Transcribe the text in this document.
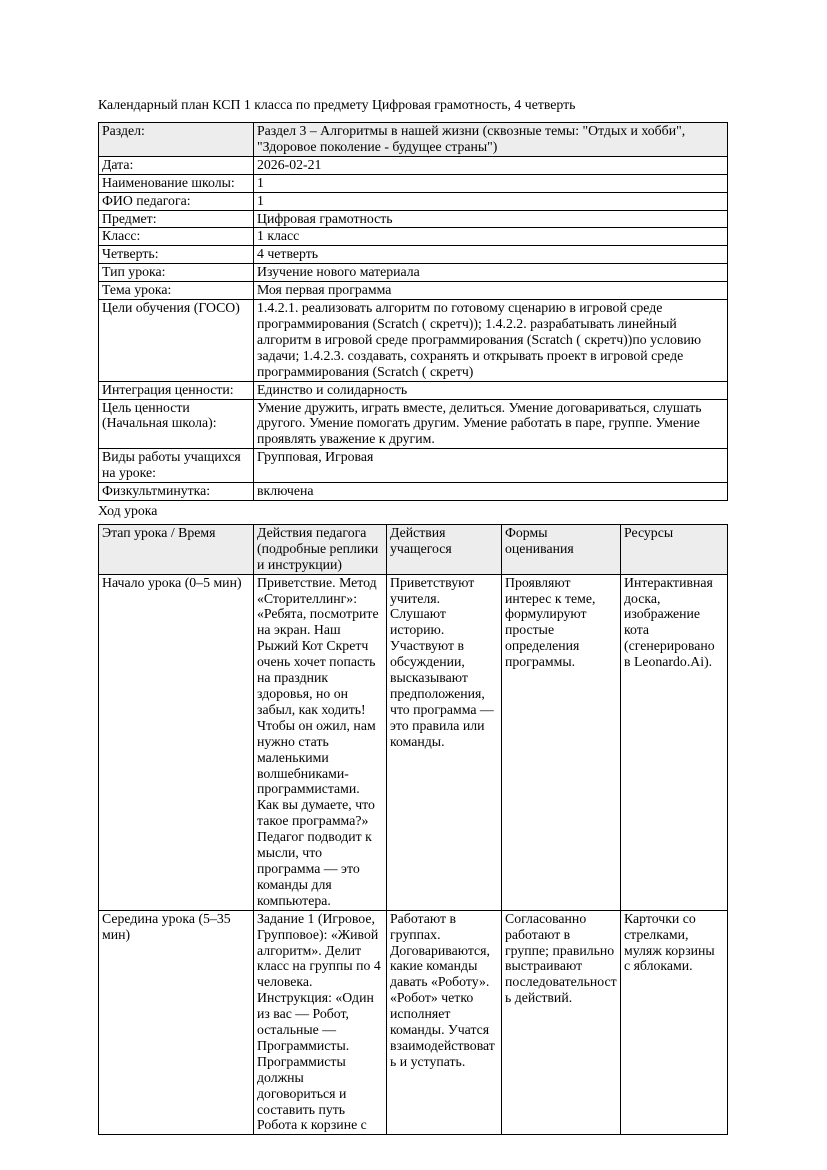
Календарный план КСП 1 класса по предмету Цифровая грамотность, 4 четверть

Раздел:	Раздел 3 – Алгоритмы в нашей жизни (сквозные темы: "Отдых и хобби", "Здоровое поколение - будущее страны")
Дата:	2026-02-21
Наименование школы:	1
ФИО педагога:	1
Предмет:	Цифровая грамотность
Класс:	1 класс
Четверть:	4 четверть
Тип урока:	Изучение нового материала
Тема урока:	Моя первая программа
Цели обучения (ГОСО)	1.4.2.1. реализовать алгоритм по готовому сценарию в игровой среде программирования (Scratch ( скретч)); 1.4.2.2. разрабатывать линейный алгоритм в игровой среде программирования (Scratch ( скретч))по условию задачи; 1.4.2.3. создавать, сохранять и открывать проект в игровой среде программирования (Scratch ( скретч)
Интеграция ценности:	Единство и солидарность
Цель ценности (Начальная школа):	Умение дружить, играть вместе, делиться. Умение договариваться, слушать другого. Умение помогать другим. Умение работать в паре, группе. Умение проявлять уважение к другим.
Виды работы учащихся на уроке:	Групповая, Игровая
Физкультминутка:	включена

Ход урока

Этап урока / Время	Действия педагога (подробные реплики и инструкции)	Действия учащегося	Формы оценивания	Ресурсы
Начало урока (0–5 мин)	Приветствие. Метод «Сторителлинг»: «Ребята, посмотрите на экран. Наш Рыжий Кот Скретч очень хочет попасть на праздник здоровья, но он забыл, как ходить! Чтобы он ожил, нам нужно стать маленькими волшебниками-программистами. Как вы думаете, что такое программа?» Педагог подводит к мысли, что программа — это команды для компьютера.	Приветствуют учителя. Слушают историю. Участвуют в обсуждении, высказывают предположения, что программа — это правила или команды.	Проявляют интерес к теме, формулируют простые определения программы.	Интерактивная доска, изображение кота (сгенерировано в Leonardo.Ai).
Середина урока (5–35 мин)	Задание 1 (Игровое, Групповое): «Живой алгоритм». Делит класс на группы по 4 человека. Инструкция: «Один из вас — Робот, остальные — Программисты. Программисты должны договориться и составить путь Робота к корзине с	Работают в группах. Договариваются, какие команды давать «Роботу». «Робот» четко исполняет команды. Учатся взаимодействовать и уступать.	Согласованно работают в группе; правильно выстраивают последовательность действий.	Карточки со стрелками, муляж корзины с яблоками.
